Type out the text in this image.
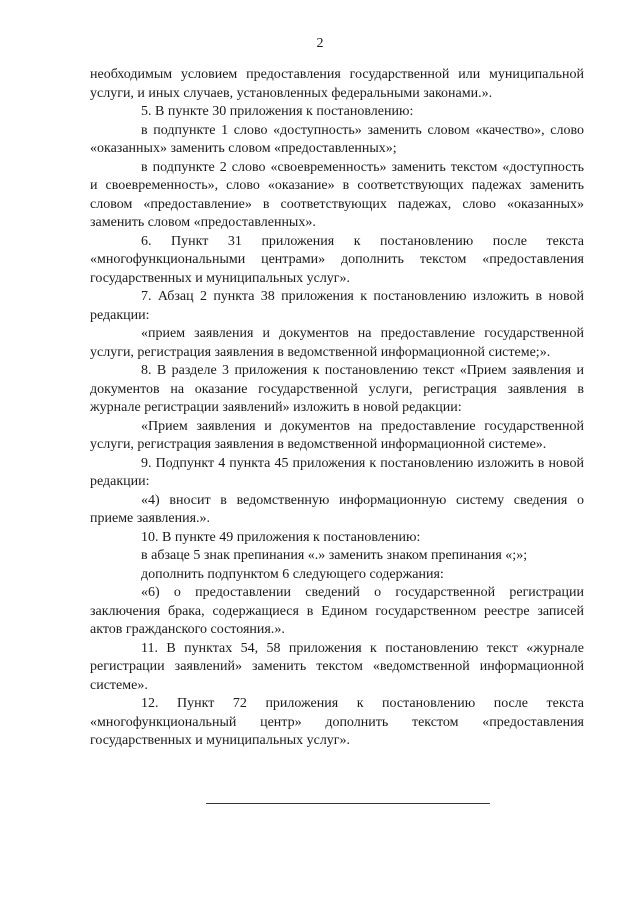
2

необходимым условием предоставления государственной или муниципальной услуги, и иных случаев, установленных федеральными законами.».

5. В пункте 30 приложения к постановлению:

в подпункте 1 слово «доступность» заменить словом «качество», слово «оказанных» заменить словом «предоставленных»;

в подпункте 2 слово «своевременность» заменить текстом «доступность и своевременность», слово «оказание» в соответствующих падежах заменить словом «предоставление» в соответствующих падежах, слово «оказанных» заменить словом «предоставленных».

6. Пункт 31 приложения к постановлению после текста «многофункциональными центрами» дополнить текстом «предоставления государственных и муниципальных услуг».

7. Абзац 2 пункта 38 приложения к постановлению изложить в новой редакции:

«прием заявления и документов на предоставление государственной услуги, регистрация заявления в ведомственной информационной системе;».

8. В разделе 3 приложения к постановлению текст «Прием заявления и документов на оказание государственной услуги, регистрация заявления в журнале регистрации заявлений» изложить в новой редакции:

«Прием заявления и документов на предоставление государственной услуги, регистрация заявления в ведомственной информационной системе».

9. Подпункт 4 пункта 45 приложения к постановлению изложить в новой редакции:

«4) вносит в ведомственную информационную систему сведения о приеме заявления.».

10. В пункте 49 приложения к постановлению:

в абзаце 5 знак препинания «.» заменить знаком препинания «;»;

дополнить подпунктом 6 следующего содержания:

«6) о предоставлении сведений о государственной регистрации заключения брака, содержащиеся в Едином государственном реестре записей актов гражданского состояния.».

11. В пунктах 54, 58 приложения к постановлению текст «журнале регистрации заявлений» заменить текстом «ведомственной информационной системе».

12. Пункт 72 приложения к постановлению после текста «многофункциональный центр» дополнить текстом «предоставления государственных и муниципальных услуг».
